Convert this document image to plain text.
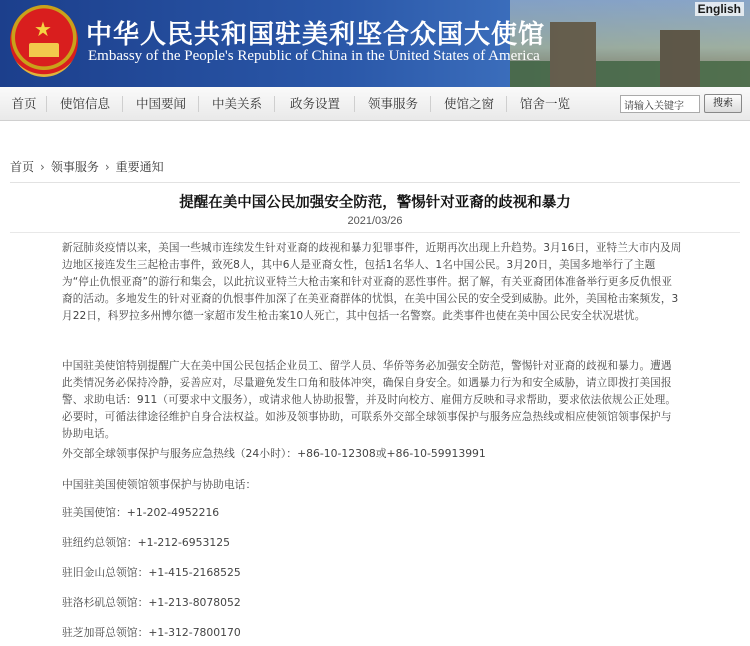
★ 中华人民共和国驻美利坚合众国大使馆
Embassy of the People's Republic of China in the United States of America
English
首页	使馆信息	中国要闻	中美关系	政务设置	领事服务	使馆之窗	馆舍一览
请输入关键字	搜索
首页 › 领事服务 › 重要通知
提醒在美中国公民加强安全防范，警惕针对亚裔的歧视和暴力
2021/03/26
新冠肺炎疫情以来，美国一些城市连续发生针对亚裔的歧视和暴力犯罪事件，近期再次出现上升趋势。3月16日，亚特兰大市内及周边地区接连发生三起枪击事件，致死8人，其中6人是亚裔女性，包括1名华人、1名中国公民。3月20日，美国多地举行了主题为“停止仇恨亚裔”的游行和集会，以此抗议亚特兰大枪击案和针对亚裔的恶性事件。据了解，有关亚裔团体准备举行更多反仇恨亚裔的活动。多地发生的针对亚裔的仇恨事件加深了在美亚裔群体的忧惧，在美中国公民的安全受到威胁。此外，美国枪击案频发，3月22日，科罗拉多州博尔德一家超市发生枪击案10人死亡，其中包括一名警察。此类事件也使在美中国公民安全状况堪忧。
中国驻美使馆特别提醒广大在美中国公民包括企业员工、留学人员、华侨等务必加强安全防范，警惕针对亚裔的歧视和暴力。遭遇此类情况务必保持冷静，妥善应对，尽量避免发生口角和肢体冲突，确保自身安全。如遇暴力行为和安全威胁，请立即拨打美国报警、求助电话：911（可要求中文服务），或请求他人协助报警，并及时向校方、雇佣方反映和寻求帮助，要求依法依规公正处理。必要时，可循法律途径维护自身合法权益。如涉及领事协助，可联系外交部全球领事保护与服务应急热线或相应使领馆领事保护与协助电话。
外交部全球领事保护与服务应急热线（24小时）：+86-10-12308或+86-10-59913991
中国驻美国使领馆领事保护与协助电话：
驻美国使馆：+1-202-4952216
驻纽约总领馆：+1-212-6953125
驻旧金山总领馆：+1-415-2168525
驻洛杉矶总领馆：+1-213-8078052
驻芝加哥总领馆：+1-312-7800170
